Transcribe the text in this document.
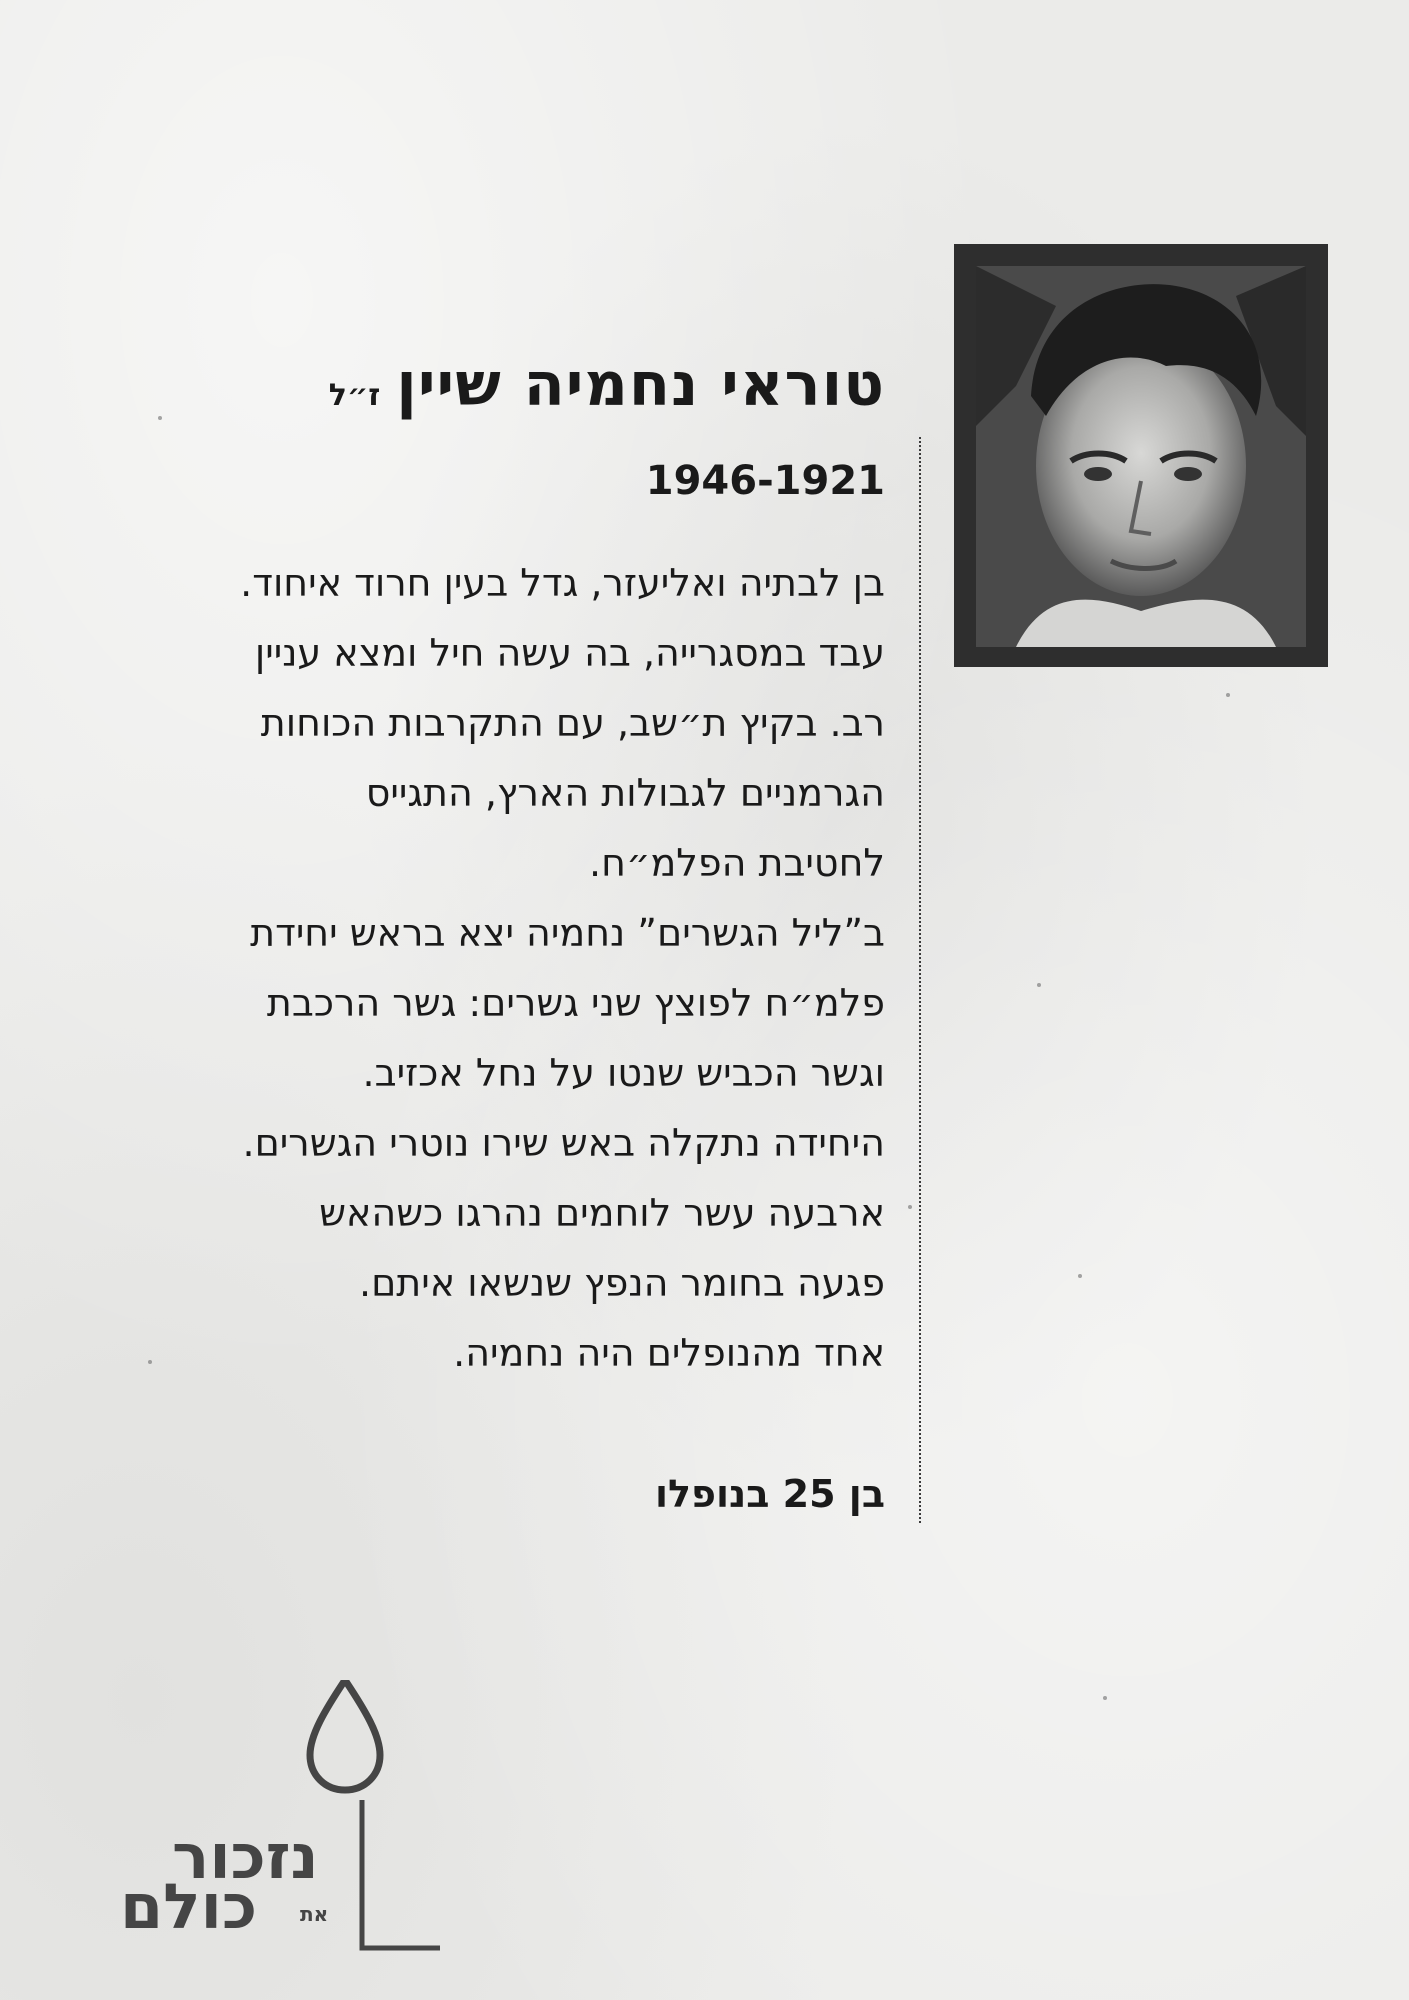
טוראי נחמיה שיין
ז״ל
1946-1921
בן לבתיה ואליעזר, גדל בעין חרוד איחוד.
עבד במסגרייה, בה עשה חיל ומצא עניין
רב. בקיץ ת״שב, עם התקרבות הכוחות
הגרמניים לגבולות הארץ, התגייס
לחטיבת הפלמ״ח.
ב”ליל הגשרים” נחמיה יצא בראש יחידת
פלמ״ח לפוצץ שני גשרים: גשר הרכבת
וגשר הכביש שנטו על נחל אכזיב.
היחידה נתקלה באש שירו נוטרי הגשרים.
ארבעה עשר לוחמים נהרגו כשהאש
פגעה בחומר הנפץ שנשאו איתם.
אחד מהנופלים היה נחמיה.
בן 25 בנופלו
נזכור
כולם את
